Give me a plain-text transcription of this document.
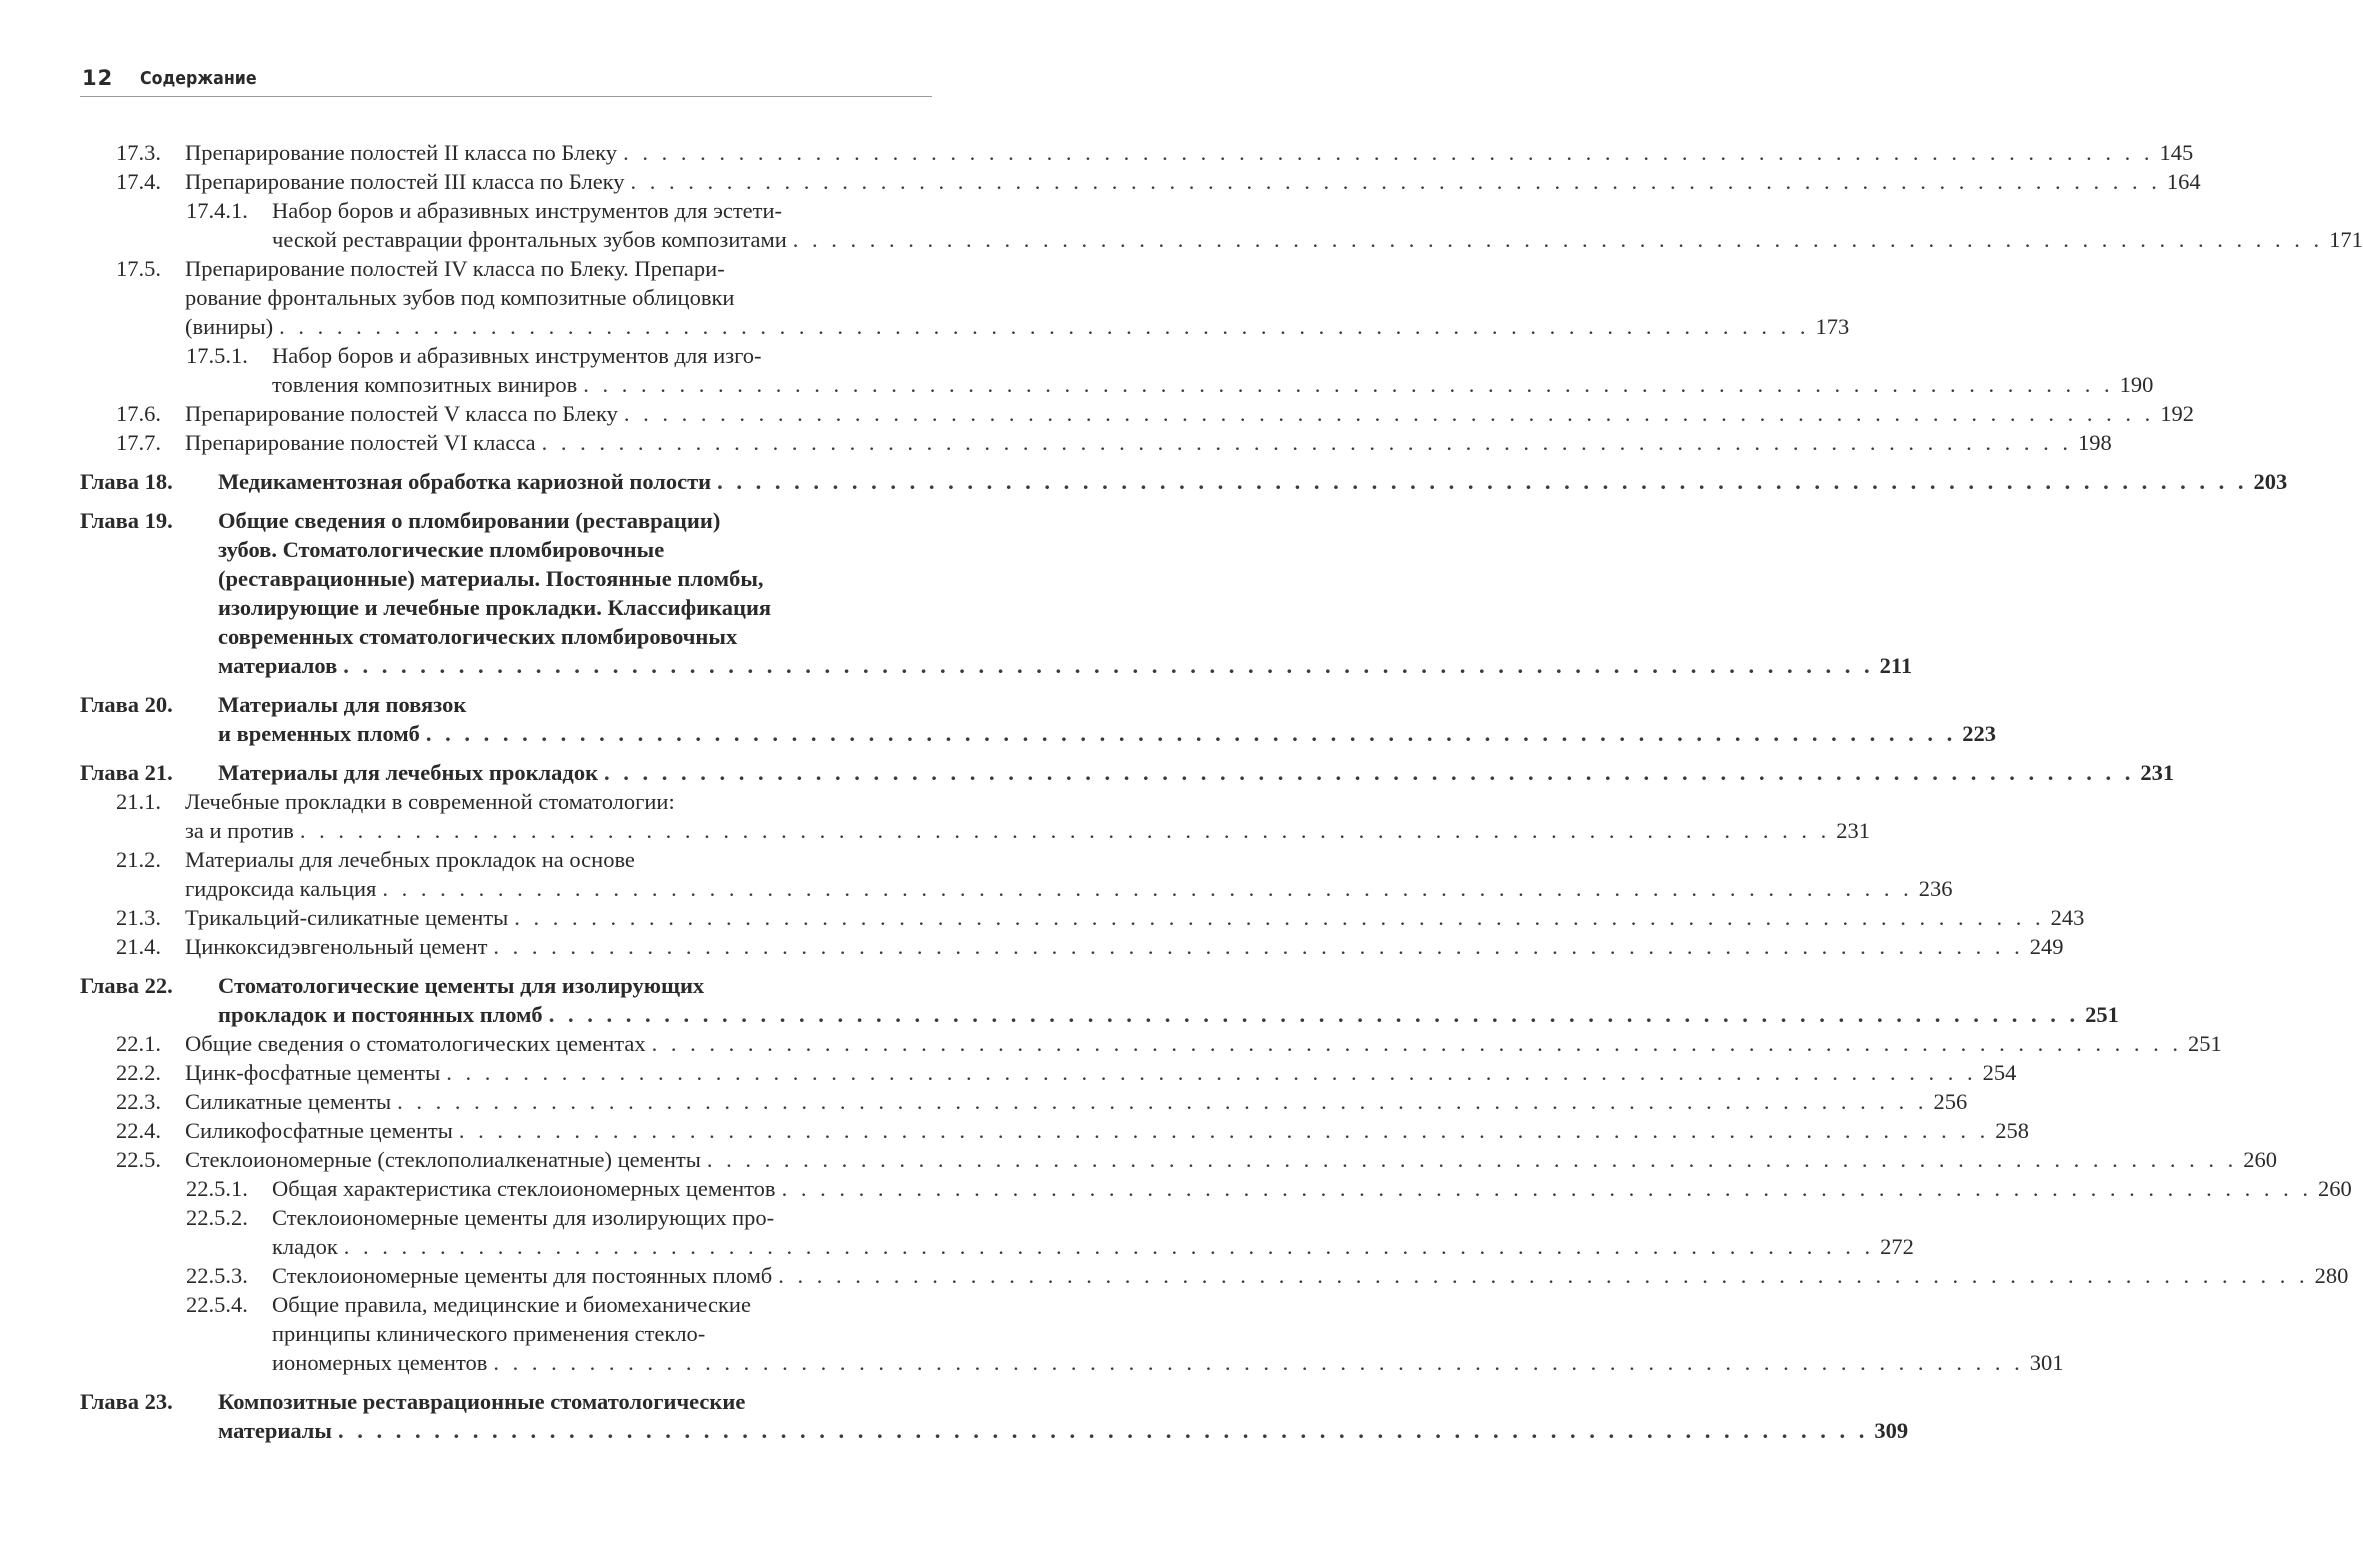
12 Содержание
17.3. Препарирование полостей II класса по Блеку . . . . . . . . . . . . . . . . . . . . . . . . . . . . . . . . . . . . . . . . . . . . . . . . . . . . . . . . . . . . . . . . . . . . . . . . . . . . . . . . 145
17.4. Препарирование полостей III класса по Блеку . . . . . . . . . . . . . . . . . . . . . . . . . . . . . . . . . . . . . . . . . . . . . . . . . . . . . . . . . . . . . . . . . . . . . . . . . . . . . . . . 164
17.4.1. Набор боров и абразивных инструментов для эстети-
ческой реставрации фронтальных зубов композитами . . . . . . . . . . . . . . . . . . . . . . . . . . . . . . . . . . . . . . . . . . . . . . . . . . . . . . . . . . . . . . . . . . . . . . . . . . . . . . . . 171
17.5. Препарирование полостей IV класса по Блеку. Препари-
рование фронтальных зубов под композитные облицовки
(виниры) . . . . . . . . . . . . . . . . . . . . . . . . . . . . . . . . . . . . . . . . . . . . . . . . . . . . . . . . . . . . . . . . . . . . . . . . . . . . . . . . 173
17.5.1. Набор боров и абразивных инструментов для изго-
товления композитных виниров . . . . . . . . . . . . . . . . . . . . . . . . . . . . . . . . . . . . . . . . . . . . . . . . . . . . . . . . . . . . . . . . . . . . . . . . . . . . . . . . 190
17.6. Препарирование полостей V класса по Блеку . . . . . . . . . . . . . . . . . . . . . . . . . . . . . . . . . . . . . . . . . . . . . . . . . . . . . . . . . . . . . . . . . . . . . . . . . . . . . . . . 192
17.7. Препарирование полостей VI класса . . . . . . . . . . . . . . . . . . . . . . . . . . . . . . . . . . . . . . . . . . . . . . . . . . . . . . . . . . . . . . . . . . . . . . . . . . . . . . . . 198
Глава 18. Медикаментозная обработка кариозной полости . . . . . . . . . . . . . . . . . . . . . . . . . . . . . . . . . . . . . . . . . . . . . . . . . . . . . . . . . . . . . . . . . . . . . . . . . . . . . . . . 203
Глава 19. Общие сведения о пломбировании (реставрации)
зубов. Стоматологические пломбировочные
(реставрационные) материалы. Постоянные пломбы,
изолирующие и лечебные прокладки. Классификация
современных стоматологических пломбировочных
материалов . . . . . . . . . . . . . . . . . . . . . . . . . . . . . . . . . . . . . . . . . . . . . . . . . . . . . . . . . . . . . . . . . . . . . . . . . . . . . . . . 211
Глава 20. Материалы для повязок
и временных пломб . . . . . . . . . . . . . . . . . . . . . . . . . . . . . . . . . . . . . . . . . . . . . . . . . . . . . . . . . . . . . . . . . . . . . . . . . . . . . . . . 223
Глава 21. Материалы для лечебных прокладок . . . . . . . . . . . . . . . . . . . . . . . . . . . . . . . . . . . . . . . . . . . . . . . . . . . . . . . . . . . . . . . . . . . . . . . . . . . . . . . . 231
21.1. Лечебные прокладки в современной стоматологии:
за и против . . . . . . . . . . . . . . . . . . . . . . . . . . . . . . . . . . . . . . . . . . . . . . . . . . . . . . . . . . . . . . . . . . . . . . . . . . . . . . . . 231
21.2. Материалы для лечебных прокладок на основе
гидроксида кальция . . . . . . . . . . . . . . . . . . . . . . . . . . . . . . . . . . . . . . . . . . . . . . . . . . . . . . . . . . . . . . . . . . . . . . . . . . . . . . . . 236
21.3. Трикальций-силикатные цементы . . . . . . . . . . . . . . . . . . . . . . . . . . . . . . . . . . . . . . . . . . . . . . . . . . . . . . . . . . . . . . . . . . . . . . . . . . . . . . . . 243
21.4. Цинкоксидэвгенольный цемент . . . . . . . . . . . . . . . . . . . . . . . . . . . . . . . . . . . . . . . . . . . . . . . . . . . . . . . . . . . . . . . . . . . . . . . . . . . . . . . . 249
Глава 22. Стоматологические цементы для изолирующих
прокладок и постоянных пломб . . . . . . . . . . . . . . . . . . . . . . . . . . . . . . . . . . . . . . . . . . . . . . . . . . . . . . . . . . . . . . . . . . . . . . . . . . . . . . . . 251
22.1. Общие сведения о стоматологических цементах . . . . . . . . . . . . . . . . . . . . . . . . . . . . . . . . . . . . . . . . . . . . . . . . . . . . . . . . . . . . . . . . . . . . . . . . . . . . . . . . 251
22.2. Цинк-фосфатные цементы . . . . . . . . . . . . . . . . . . . . . . . . . . . . . . . . . . . . . . . . . . . . . . . . . . . . . . . . . . . . . . . . . . . . . . . . . . . . . . . . 254
22.3. Силикатные цементы . . . . . . . . . . . . . . . . . . . . . . . . . . . . . . . . . . . . . . . . . . . . . . . . . . . . . . . . . . . . . . . . . . . . . . . . . . . . . . . . 256
22.4. Силикофосфатные цементы . . . . . . . . . . . . . . . . . . . . . . . . . . . . . . . . . . . . . . . . . . . . . . . . . . . . . . . . . . . . . . . . . . . . . . . . . . . . . . . . 258
22.5. Стеклоиономерные (стеклополиалкенатные) цементы . . . . . . . . . . . . . . . . . . . . . . . . . . . . . . . . . . . . . . . . . . . . . . . . . . . . . . . . . . . . . . . . . . . . . . . . . . . . . . . . 260
22.5.1. Общая характеристика стеклоиономерных цементов . . . . . . . . . . . . . . . . . . . . . . . . . . . . . . . . . . . . . . . . . . . . . . . . . . . . . . . . . . . . . . . . . . . . . . . . . . . . . . . . 260
22.5.2. Стеклоиономерные цементы для изолирующих про-
кладок . . . . . . . . . . . . . . . . . . . . . . . . . . . . . . . . . . . . . . . . . . . . . . . . . . . . . . . . . . . . . . . . . . . . . . . . . . . . . . . . 272
22.5.3. Стеклоиономерные цементы для постоянных пломб . . . . . . . . . . . . . . . . . . . . . . . . . . . . . . . . . . . . . . . . . . . . . . . . . . . . . . . . . . . . . . . . . . . . . . . . . . . . . . . . 280
22.5.4. Общие правила, медицинские и биомеханические
принципы клинического применения стекло-
иономерных цементов . . . . . . . . . . . . . . . . . . . . . . . . . . . . . . . . . . . . . . . . . . . . . . . . . . . . . . . . . . . . . . . . . . . . . . . . . . . . . . . . 301
Глава 23. Композитные реставрационные стоматологические
материалы . . . . . . . . . . . . . . . . . . . . . . . . . . . . . . . . . . . . . . . . . . . . . . . . . . . . . . . . . . . . . . . . . . . . . . . . . . . . . . . . 309
